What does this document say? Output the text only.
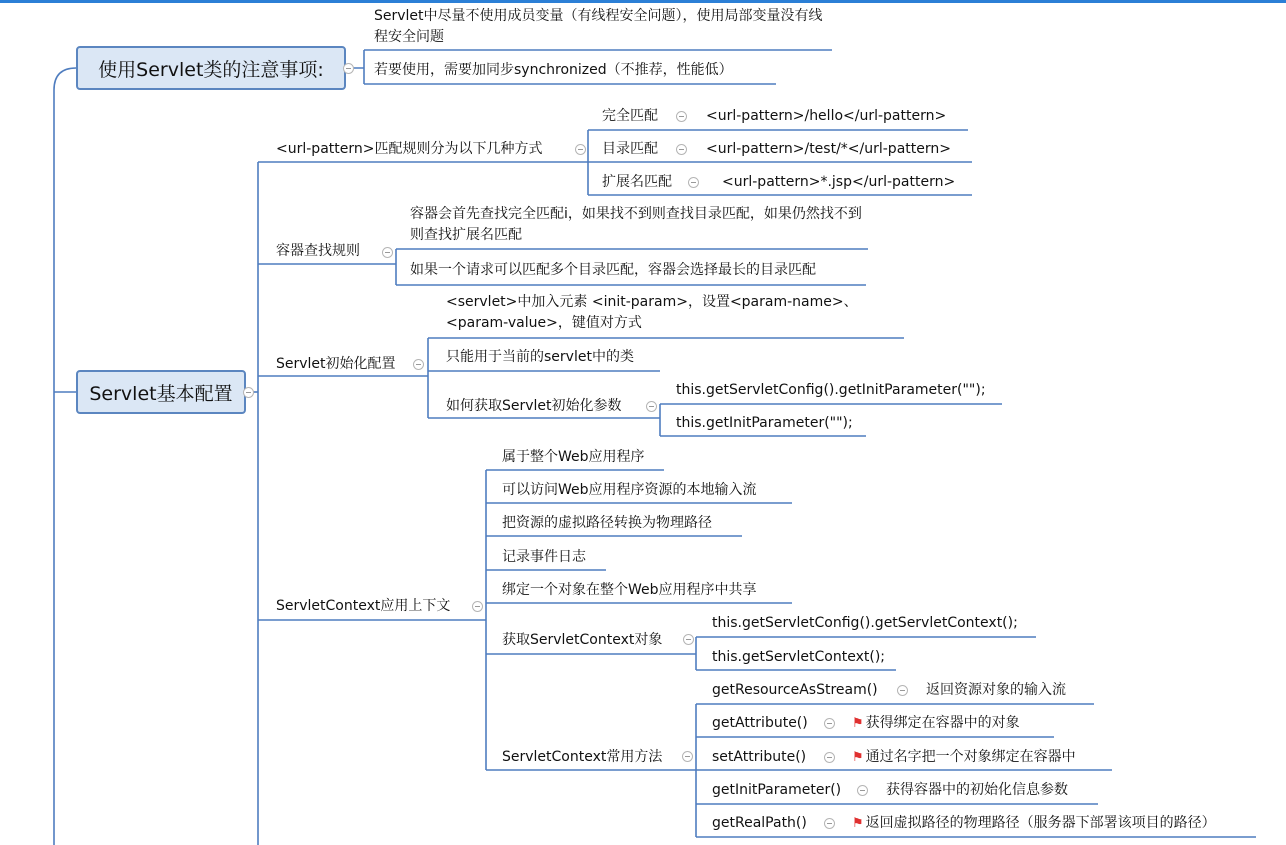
使用Servlet类的注意事项:
Servlet基本配置
Servlet中尽量不使用成员变量（有线程安全问题），使用局部变量没有线程安全问题
若要使用，需要加同步synchronized（不推荐，性能低）
<url-pattern>匹配规则分为以下几种方式
完全匹配	<url-pattern>/hello</url-pattern>
目录匹配	<url-pattern>/test/*</url-pattern>
扩展名匹配	<url-pattern>*.jsp</url-pattern>
容器查找规则
容器会首先查找完全匹配i，如果找不到则查找目录匹配，如果仍然找不到则查找扩展名匹配
如果一个请求可以匹配多个目录匹配，容器会选择最长的目录匹配
Servlet初始化配置
<servlet>中加入元素 <init-param>，设置<param-name>、<param-value>，键值对方式
只能用于当前的servlet中的类
如何获取Servlet初始化参数
this.getServletConfig().getInitParameter("");
this.getInitParameter("");
ServletContext应用上下文
属于整个Web应用程序
可以访问Web应用程序资源的本地输入流
把资源的虚拟路径转换为物理路径
记录事件日志
绑定一个对象在整个Web应用程序中共享
获取ServletContext对象
this.getServletConfig().getServletContext();
this.getServletContext();
ServletContext常用方法
getResourceAsStream()	返回资源对象的输入流
getAttribute()	⚑ 获得绑定在容器中的对象
setAttribute()	⚑ 通过名字把一个对象绑定在容器中
getInitParameter()	获得容器中的初始化信息参数
getRealPath()	⚑ 返回虚拟路径的物理路径（服务器下部署该项目的路径）
